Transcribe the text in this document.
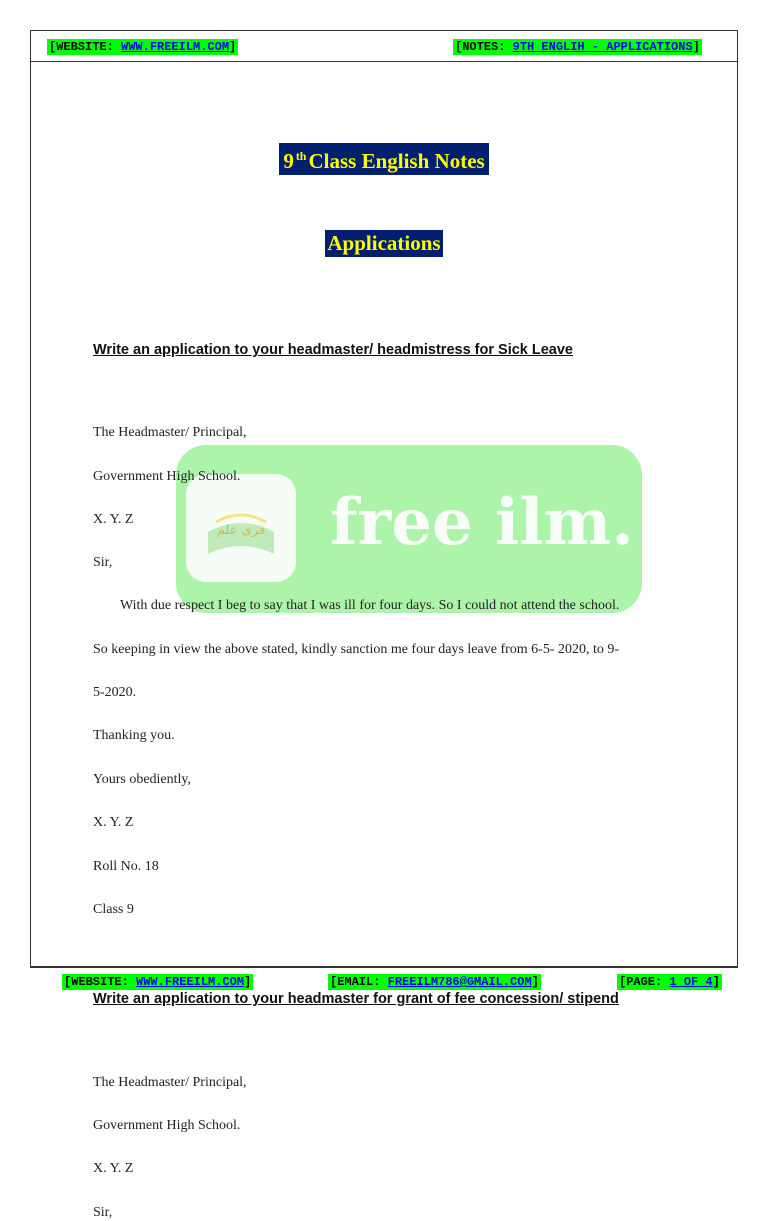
[WEBSITE: WWW.FREEILM.COM]	[NOTES: 9TH ENGLIH - APPLICATIONS]
فری علم free ilm.
9 $^{th}$Class English Notes
Applications
Write an application to your headmaster/ headmistress for Sick Leave
The Headmaster/ Principal,
Government High School.
X. Y. Z
Sir,
With due respect I beg to say that I was ill for four days. So I could not attend the school.
So keeping in view the above stated, kindly sanction me four days leave from 6-5- 2020, to 9-
5-2020.
Thanking you.
Yours obediently,
X. Y. Z
Roll No. 18
Class 9
Write an application to your headmaster for grant of fee concession/ stipend
The Headmaster/ Principal,
Government High School.
X. Y. Z
Sir,
[WEBSITE: WWW.FREEILM.COM]	[EMAIL: FREEILM786@GMAIL.COM]	[PAGE: 1 OF 4]
